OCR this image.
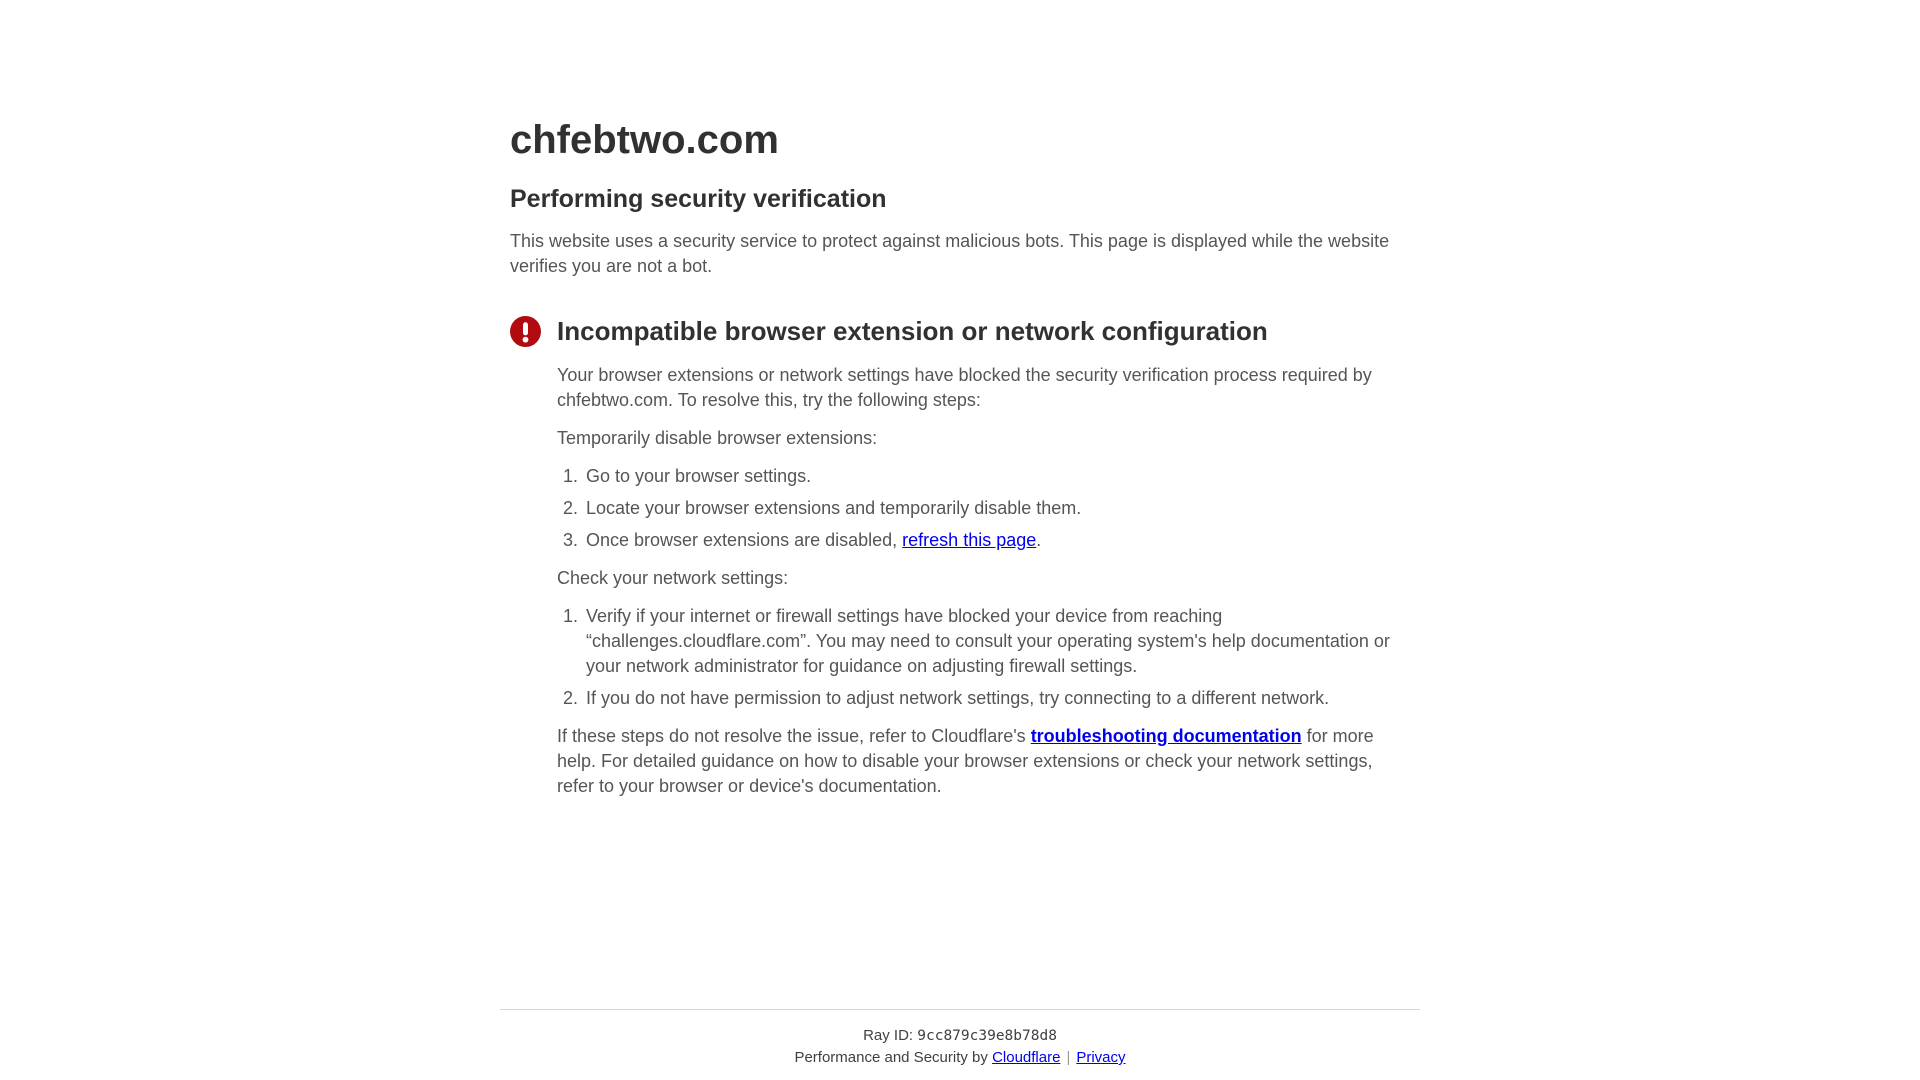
chfebtwo.com
Performing security verification

This website uses a security service to protect against malicious bots. This page is displayed while the website verifies you are not a bot.

Incompatible browser extension or network configuration

Your browser extensions or network settings have blocked the security verification process required by chfebtwo.com. To resolve this, try the following steps:

Temporarily disable browser extensions:

1. Go to your browser settings.
2. Locate your browser extensions and temporarily disable them.
3. Once browser extensions are disabled, refresh this page.

Check your network settings:

1. Verify if your internet or firewall settings have blocked your device from reaching “challenges.cloudflare.com”. You may need to consult your operating system's help documentation or your network administrator for guidance on adjusting firewall settings.
2. If you do not have permission to adjust network settings, try connecting to a different network.

If these steps do not resolve the issue, refer to Cloudflare's troubleshooting documentation for more help. For detailed guidance on how to disable your browser extensions or check your network settings, refer to your browser or device's documentation.

Ray ID: 9cc879c39e8b78d8

Performance and Security by Cloudflare | Privacy
